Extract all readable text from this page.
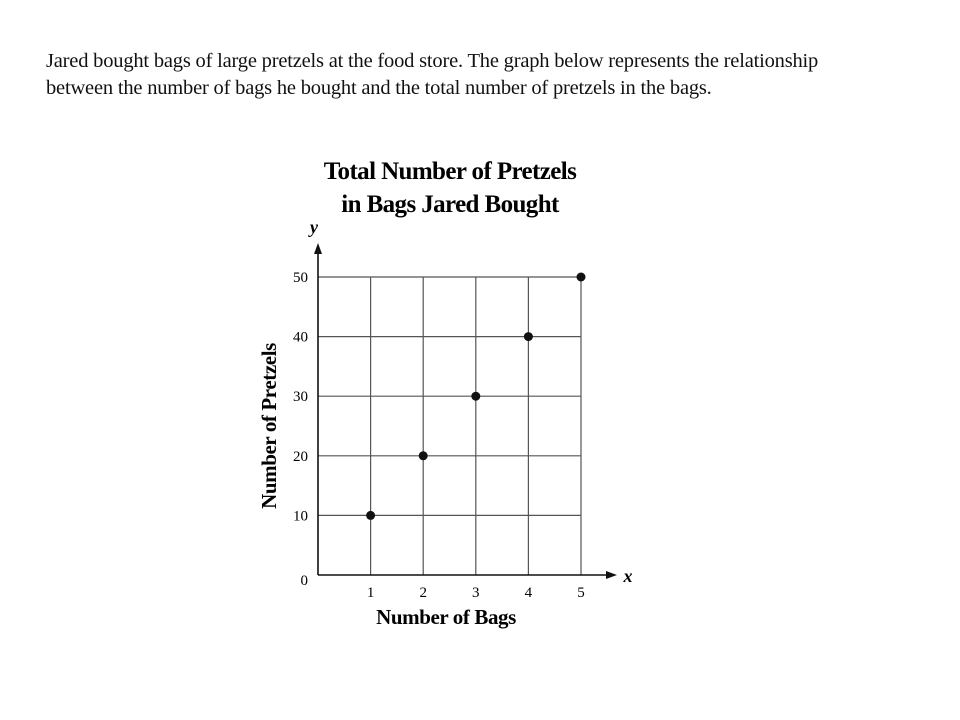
Jared bought bags of large pretzels at the food store. The graph below represents the relationship
between the number of bags he bought and the total number of pretzels in the bags.

Total Number of Pretzels
in Bags Jared Bought
y
x
1	2	3	4	5
10
20
30
40
50
0
Number of Bags
Number of Pretzels
